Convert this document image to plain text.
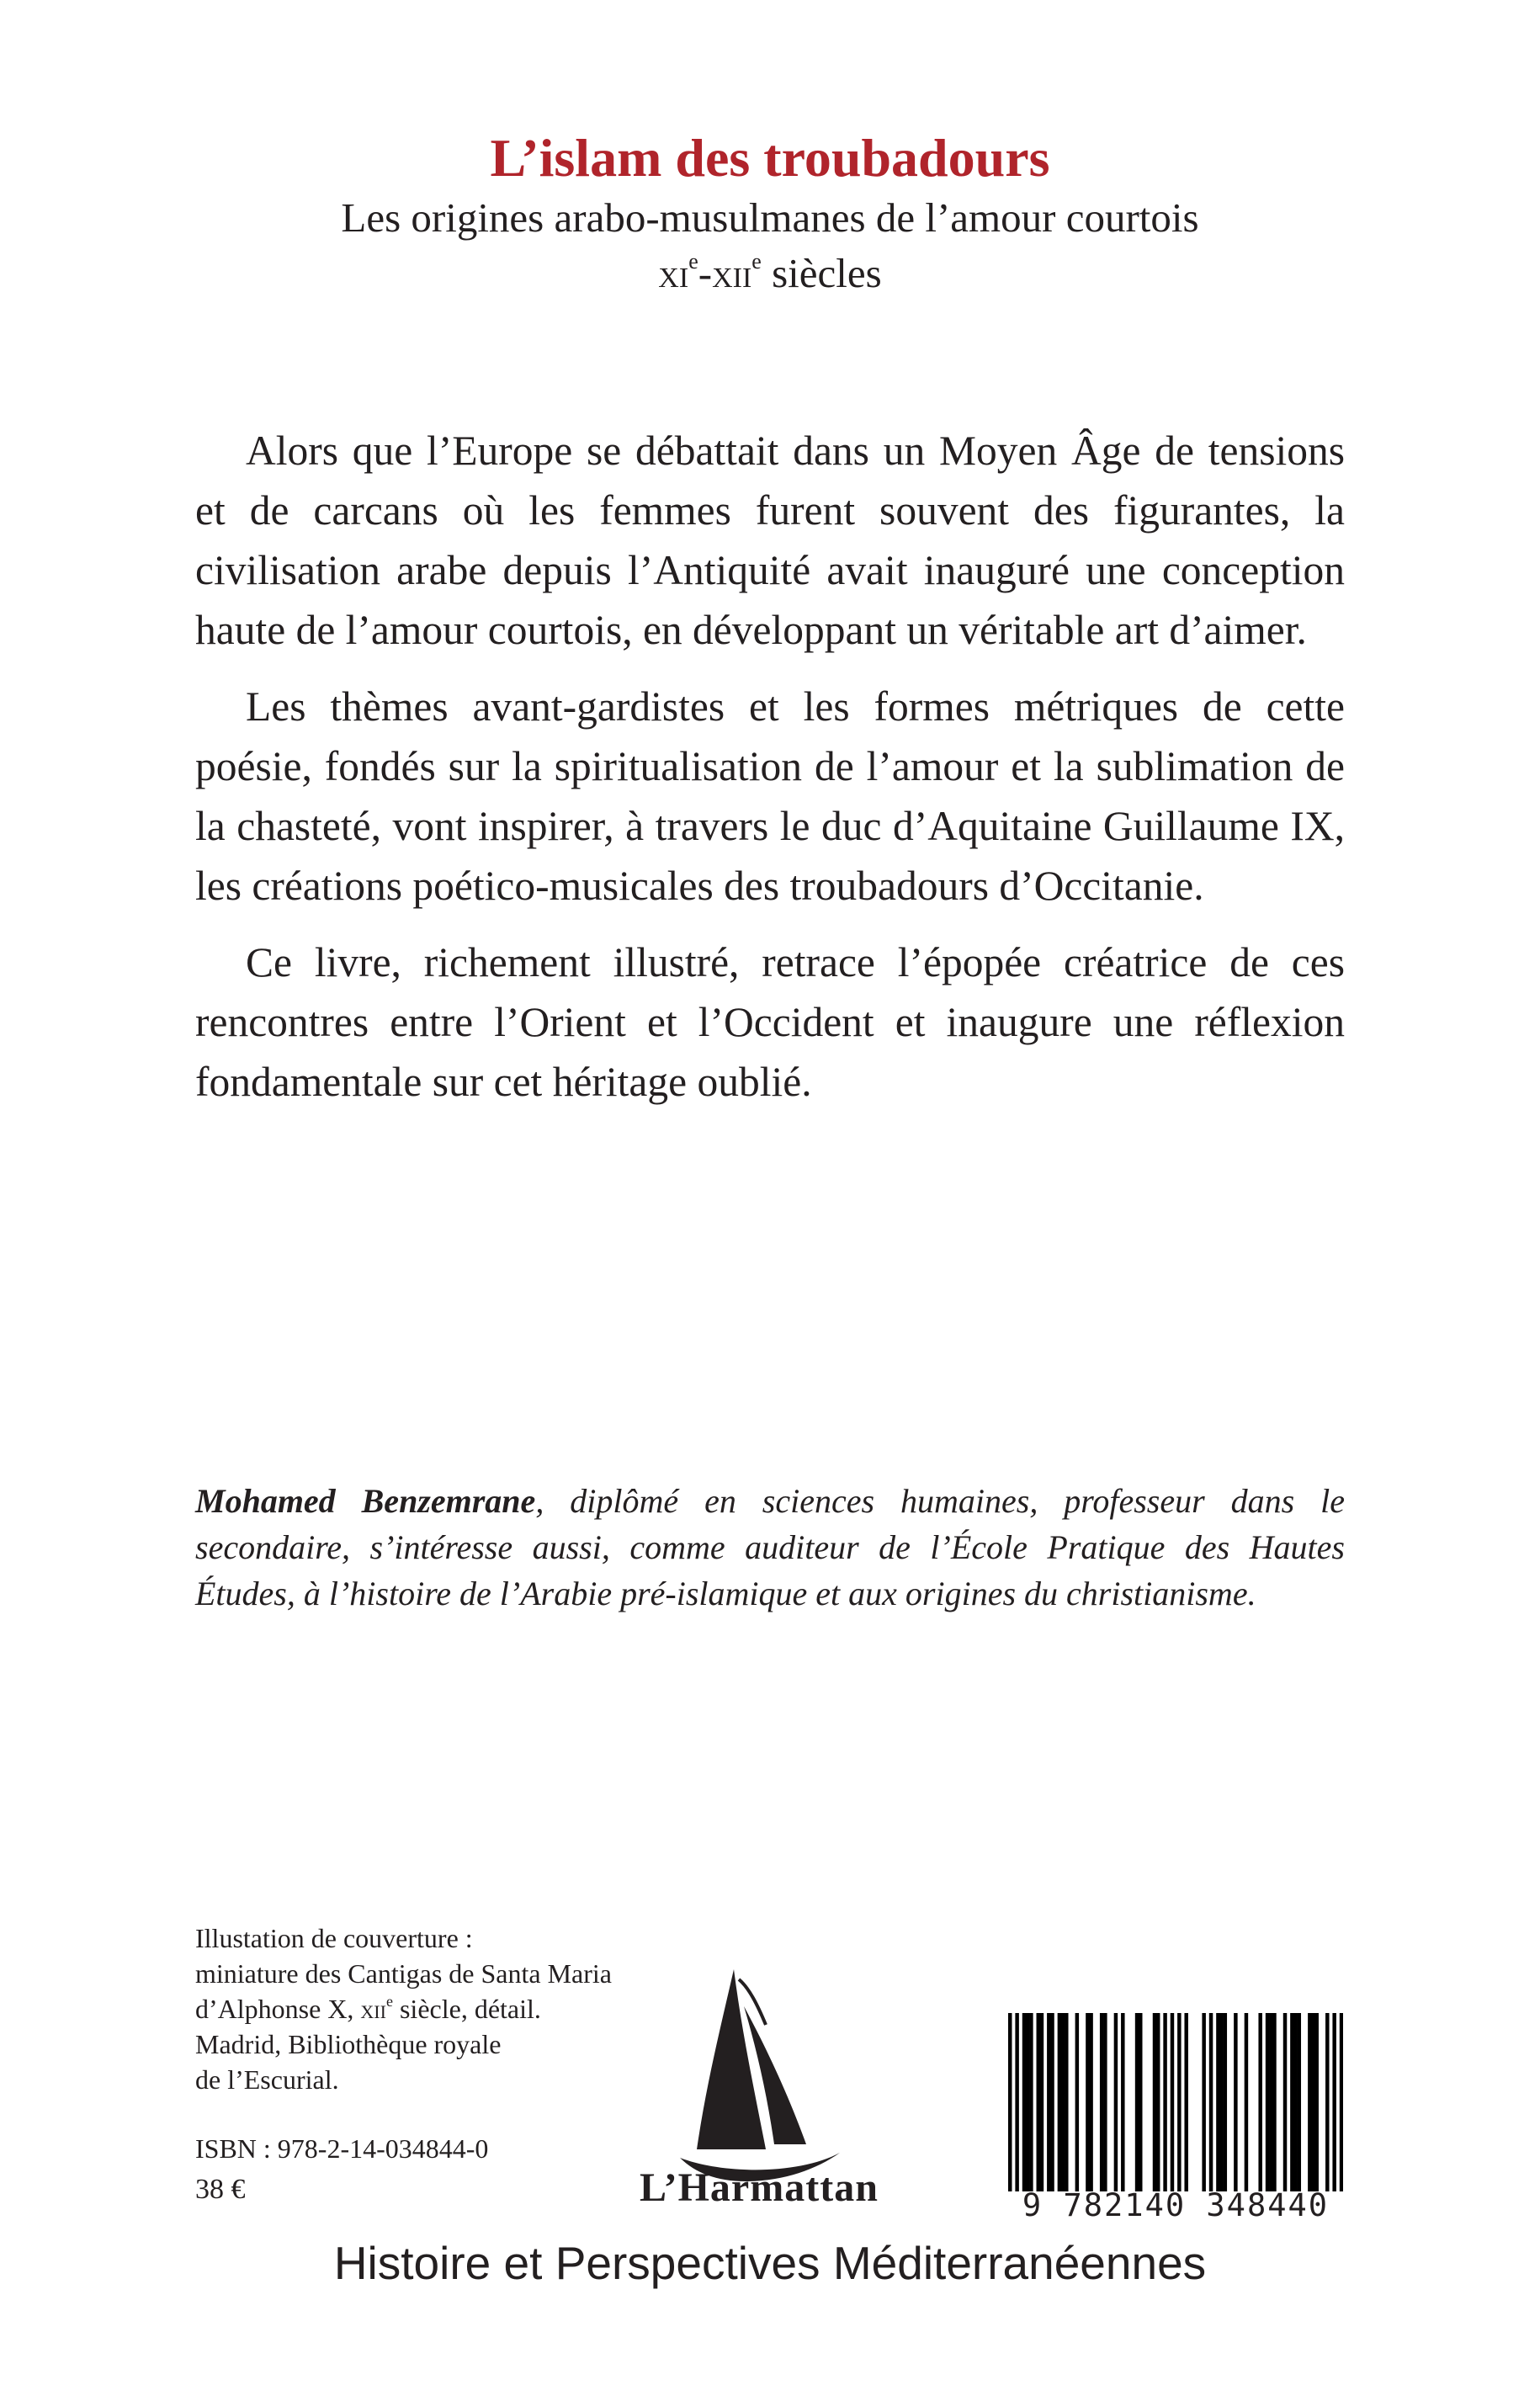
L’islam des troubadours
Les origines arabo-musulmanes de l’amour courtois
$xi^e-xii^e$ siècles

Alors que l’Europe se débattait dans un Moyen Âge de tensions et de carcans où les femmes furent souvent des figurantes, la civilisation arabe depuis l’Antiquité avait inauguré une conception haute de l’amour courtois, en développant un véritable art d’aimer.

Les thèmes avant-gardistes et les formes métriques de cette poésie, fondés sur la spiritualisation de l’amour et la sublimation de la chasteté, vont inspirer, à travers le duc d’Aquitaine Guillaume IX, les créations poético-musicales des troubadours d’Occitanie.

Ce livre, richement illustré, retrace l’épopée créatrice de ces rencontres entre l’Orient et l’Occident et inaugure une réflexion fondamentale sur cet héritage oublié.

Mohamed Benzemrane, diplômé en sciences humaines, professeur dans le secondaire, s’intéresse aussi, comme auditeur de l’École Pratique des Hautes Études, à l’histoire de l’Arabie pré-islamique et aux origines du christianisme.
Illustation de couverture :
miniature des Cantigas de Santa Maria
d’Alphonse X, xii$^e$ siècle, détail.
Madrid, Bibliothèque royale
de l’Escurial.
ISBN : 978-2-14-034844-0
38 €	L’Harmattan	9 782140 348440
Histoire et Perspectives Méditerranéennes
